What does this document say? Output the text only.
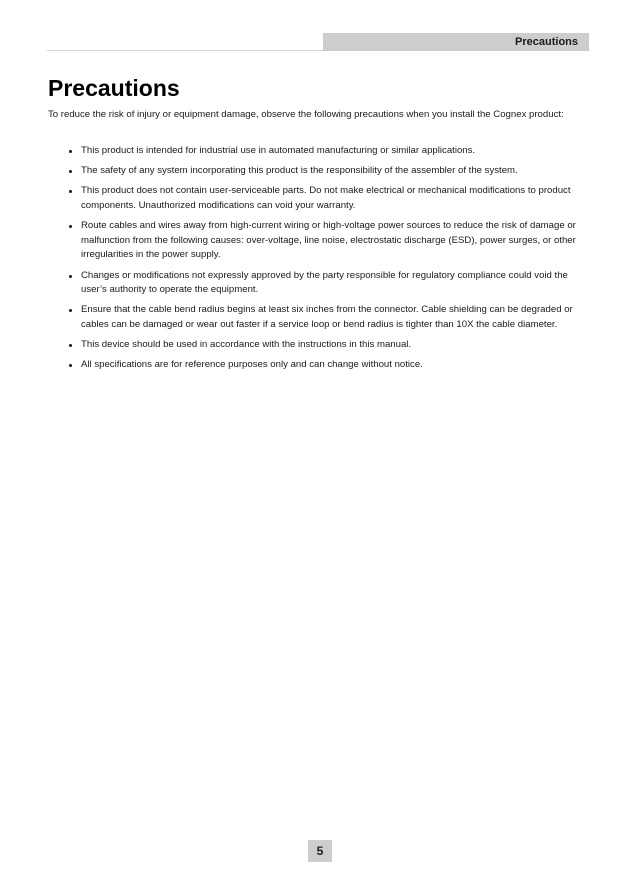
Precautions
Precautions

To reduce the risk of injury or equipment damage, observe the following precautions when you install the Cognex product:

This product is intended for industrial use in automated manufacturing or similar applications.
The safety of any system incorporating this product is the responsibility of the assembler of the system.
This product does not contain user-serviceable parts. Do not make electrical or mechanical modifications to product components. Unauthorized modifications can void your warranty.
Route cables and wires away from high-current wiring or high-voltage power sources to reduce the risk of damage or malfunction from the following causes: over-voltage, line noise, electrostatic discharge (ESD), power surges, or other irregularities in the power supply.
Changes or modifications not expressly approved by the party responsible for regulatory compliance could void the user’s authority to operate the equipment.
Ensure that the cable bend radius begins at least six inches from the connector. Cable shielding can be degraded or cables can be damaged or wear out faster if a service loop or bend radius is tighter than 10X the cable diameter.
This device should be used in accordance with the instructions in this manual.
All specifications are for reference purposes only and can change without notice.
5
